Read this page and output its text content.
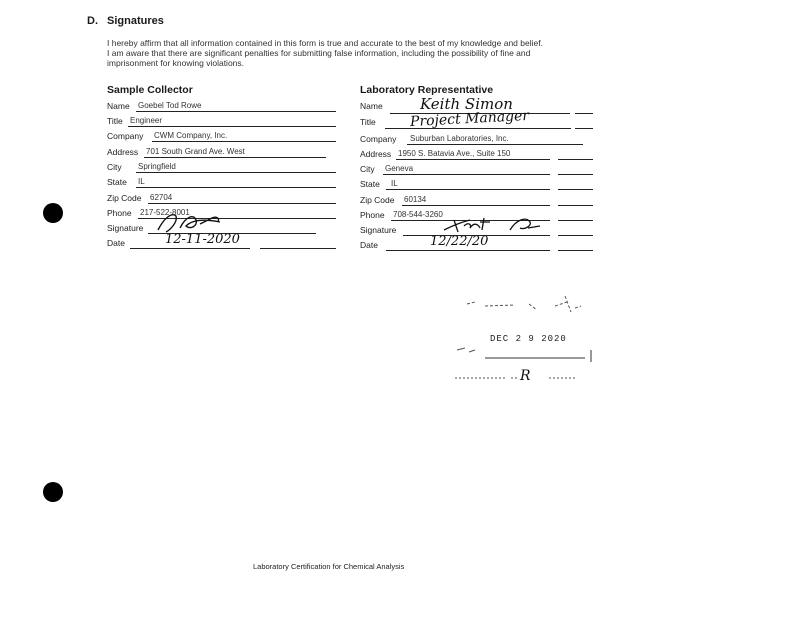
D. Signatures
I hereby affirm that all information contained in this form is true and accurate to the best of my knowledge and belief.
I am aware that there are significant penalties for submitting false information, including the possibility of fine and
imprisonment for knowing violations.
Sample Collector
Name Goebel Tod Rowe
Title Engineer
Company CWM Company, Inc.
Address 701 South Grand Ave. West
City Springfield
State IL
Zip Code 62704
Phone 217-522-8001
Signature
Date	12-11-2020
Laboratory Representative
Name Keith Simon
Title Project Manager
Company Suburban Laboratories, Inc.
Address 1950 S. Batavia Ave., Suite 150
City Geneva
State IL
Zip Code 60134
Phone 708-544-3260
Signature
Date	12/22/20
DEC 2 9 2020
R
Laboratory Certification for Chemical Analysis
